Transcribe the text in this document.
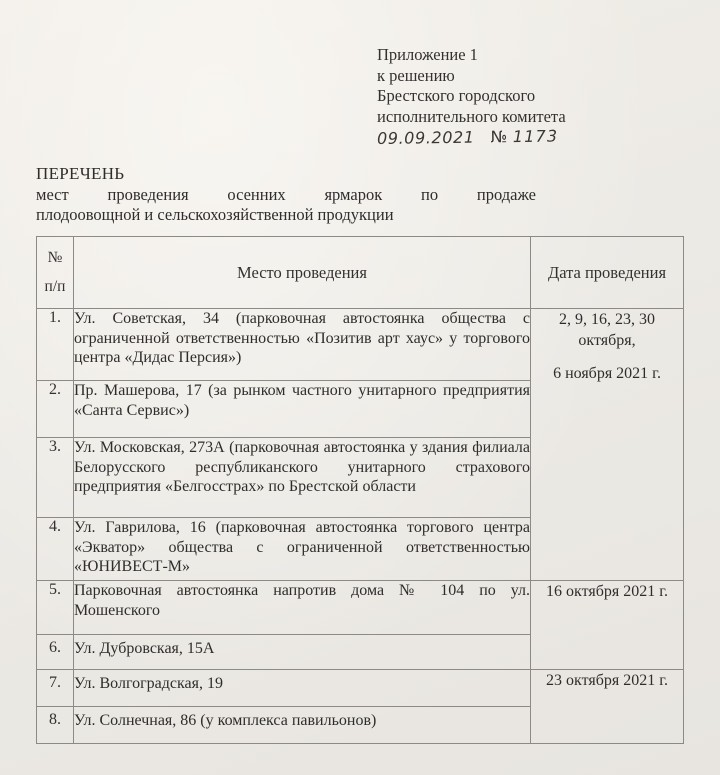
Приложение 1
к решению
Брестского городского
исполнительного комитета
09.09.2021 № 1173
ПЕРЕЧЕНЬ
мест проведения осенних ярмарок по продаже
плодоовощной и сельскохозяйственной продукции
№
п/п	Место проведения	Дата проведения

1.	Ул. Советская, 34 (парковочная автостоянка общества с ограниченной ответственностью «Позитив арт хаус» у торгового центра «Дидас Персия»)	2, 9, 16, 23, 30
октября,
6 ноября 2021 г.

2.	Пр. Машерова, 17 (за рынком частного унитарного предприятия «Санта Сервис»)	
3.	Ул. Московская, 273А (парковочная автостоянка у здания филиала Белорусского республиканского унитарного страхового предприятия «Белгосстрах» по Брестской области	
4.	Ул. Гаврилова, 16 (парковочная автостоянка торгового центра «Экватор» общества с ограниченной ответственностью «ЮНИВЕСТ-М»	
5.	Парковочная автостоянка напротив дома № 104 по ул. Мошенского	16 октября 2021 г.
6.	Ул. Дубровская, 15А	
7.	Ул. Волгоградская, 19	23 октября 2021 г.
8.	Ул. Солнечная, 86 (у комплекса павильонов)	
